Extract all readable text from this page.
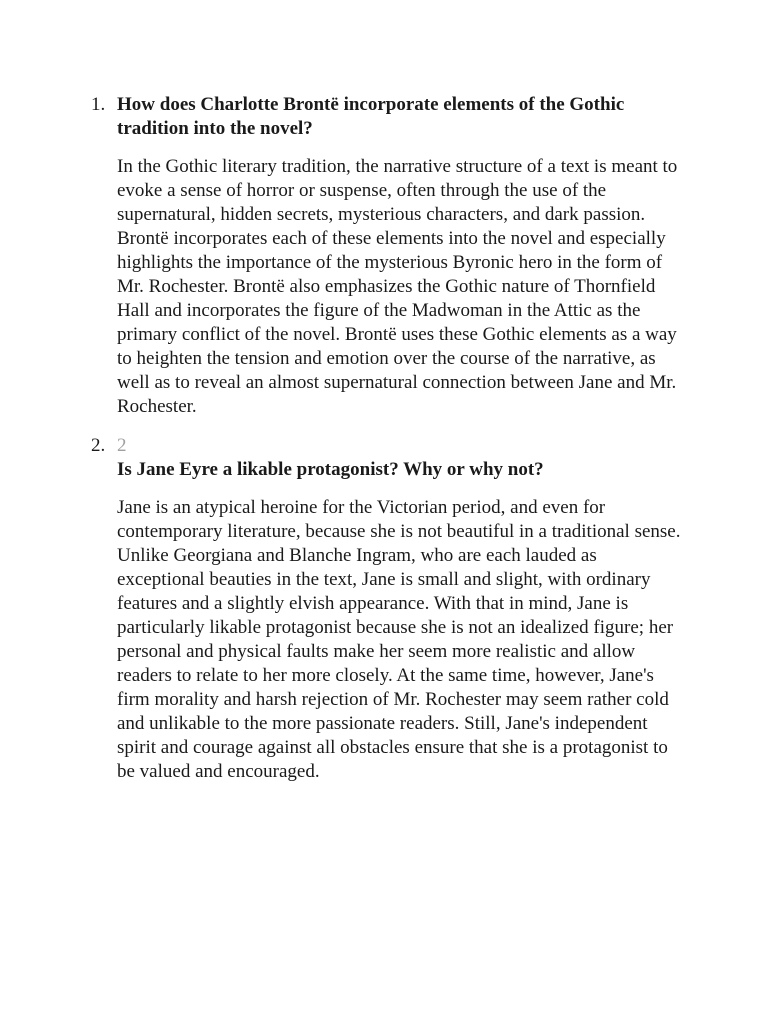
1. How does Charlotte Brontë incorporate elements of the Gothic tradition into the novel?

In the Gothic literary tradition, the narrative structure of a text is meant to evoke a sense of horror or suspense, often through the use of the supernatural, hidden secrets, mysterious characters, and dark passion. Brontë incorporates each of these elements into the novel and especially highlights the importance of the mysterious Byronic hero in the form of Mr. Rochester. Brontë also emphasizes the Gothic nature of Thornfield Hall and incorporates the figure of the Madwoman in the Attic as the primary conflict of the novel. Brontë uses these Gothic elements as a way to heighten the tension and emotion over the course of the narrative, as well as to reveal an almost supernatural connection between Jane and Mr. Rochester.

2. 2

Is Jane Eyre a likable protagonist? Why or why not?

Jane is an atypical heroine for the Victorian period, and even for contemporary literature, because she is not beautiful in a traditional sense. Unlike Georgiana and Blanche Ingram, who are each lauded as exceptional beauties in the text, Jane is small and slight, with ordinary features and a slightly elvish appearance. With that in mind, Jane is particularly likable protagonist because she is not an idealized figure; her personal and physical faults make her seem more realistic and allow readers to relate to her more closely. At the same time, however, Jane's firm morality and harsh rejection of Mr. Rochester may seem rather cold and unlikable to the more passionate readers. Still, Jane's independent spirit and courage against all obstacles ensure that she is a protagonist to be valued and encouraged.
